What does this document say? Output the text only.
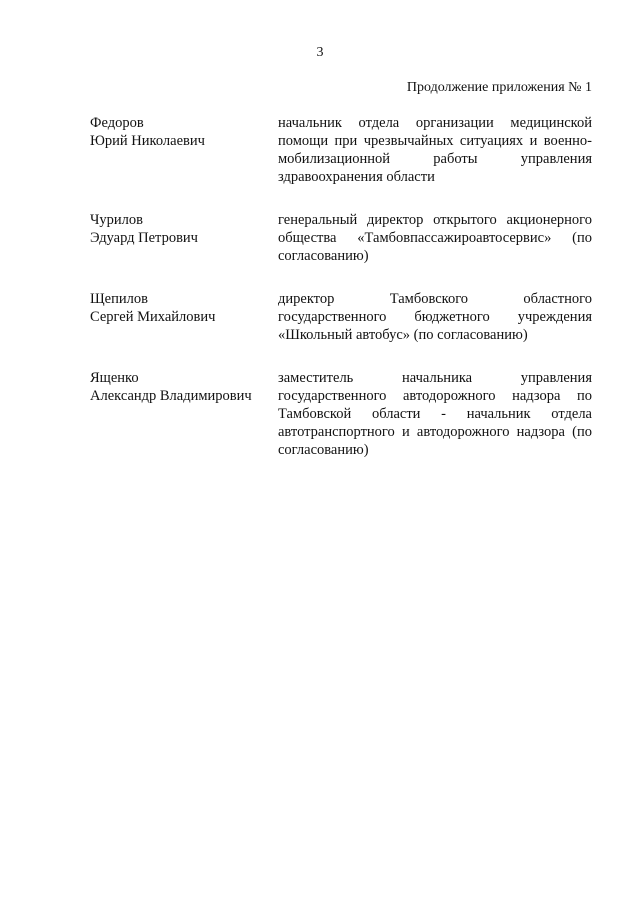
3
Продолжение приложения № 1
Федоров
Юрий Николаевич
начальник отдела организации медицинской помощи при чрезвычайных ситуациях и военно-мобилизационной работы управления здравоохранения области
Чурилов
Эдуард Петрович
генеральный директор открытого акционерного общества «Тамбовпассажироавтосервис» (по согласованию)
Щепилов
Сергей Михайлович
директор Тамбовского областного государственного бюджетного учреждения «Школьный автобус» (по согласованию)
Ященко
Александр Владимирович
заместитель начальника управления государственного автодорожного надзора по Тамбовской области - начальник отдела автотранспортного и автодорожного надзора (по согласованию)
